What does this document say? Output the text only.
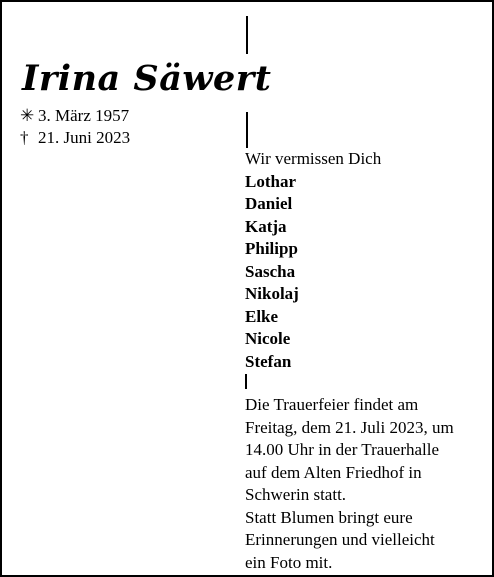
Irina Säwert
✳ 3. März 1957
† 21. Juni 2023
Wir vermissen Dich
Lothar
Daniel
Katja
Philipp
Sascha
Nikolaj
Elke
Nicole
Stefan

Die Trauerfeier findet am

Freitag, dem 21. Juli 2023, um

14.00 Uhr in der Trauerhalle

auf dem Alten Friedhof in

Schwerin statt.

Statt Blumen bringt eure

Erinnerungen und vielleicht

ein Foto mit.
